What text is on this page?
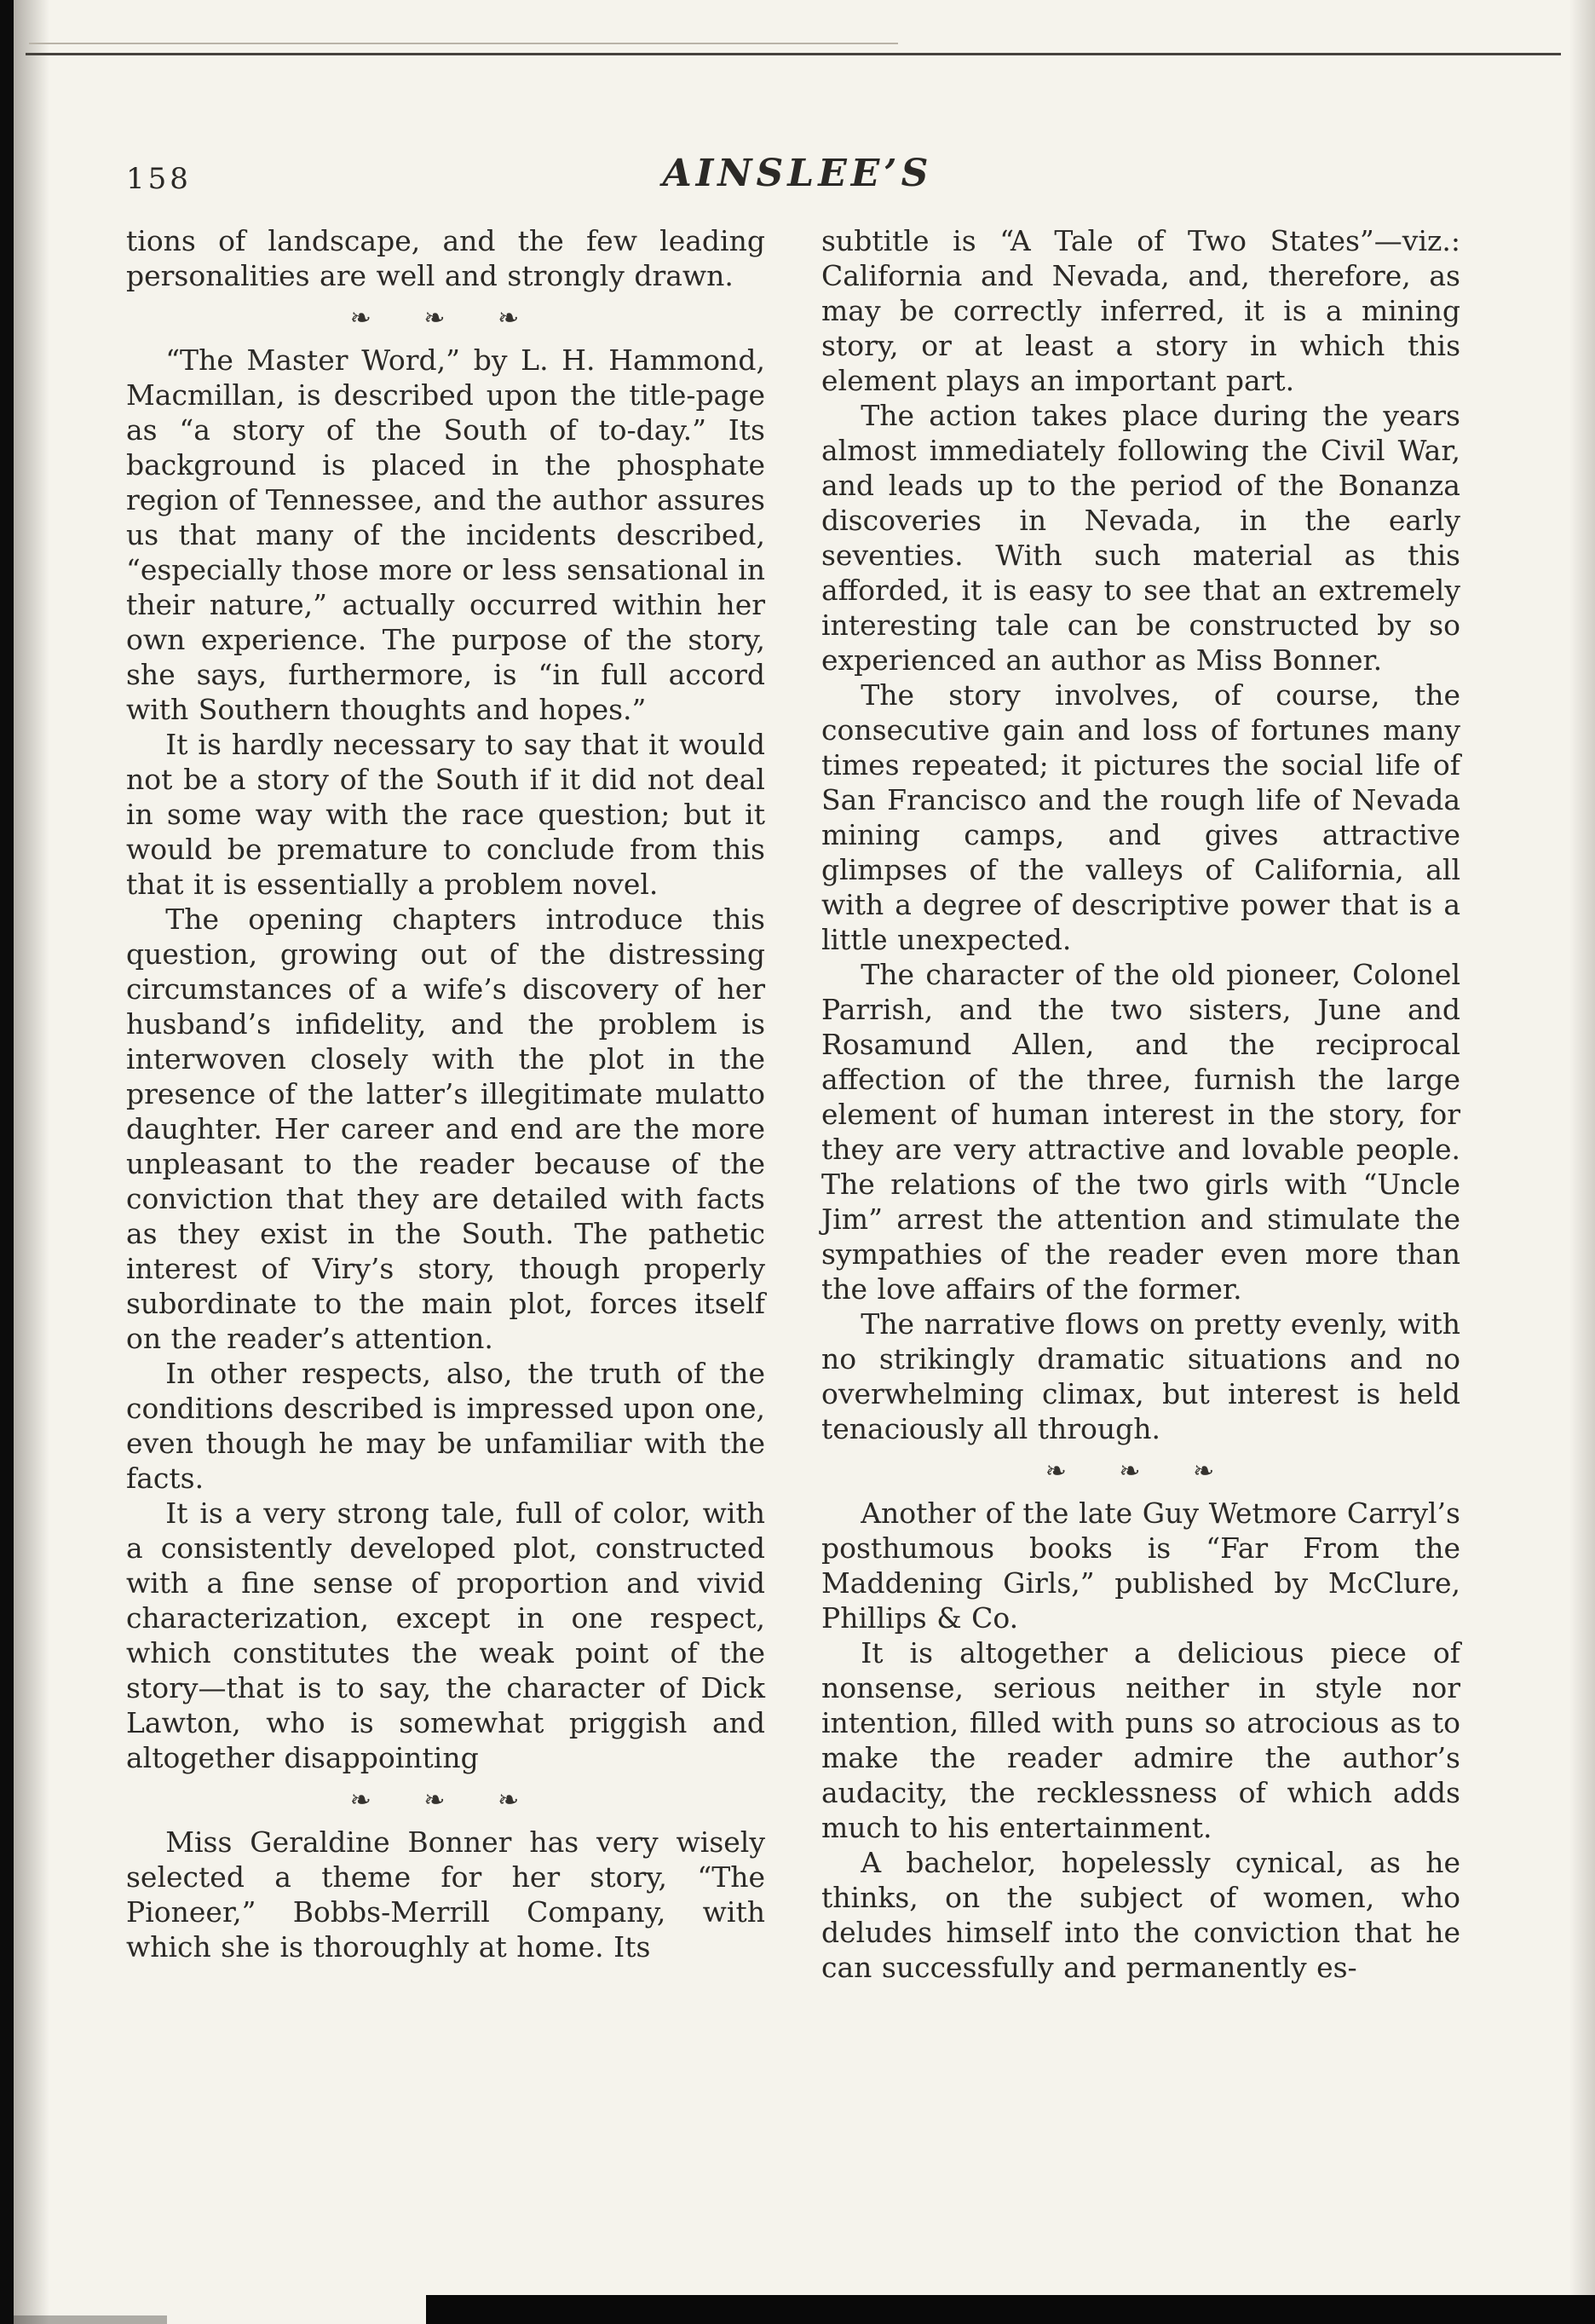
158	AINSLEE’S

tions of landscape, and the few leading personalities are well and strongly drawn.

❧ ❧ ❧

“The Master Word,” by L. H. Hammond, Macmillan, is described upon the title-page as “a story of the South of to-day.” Its background is placed in the phosphate region of Tennessee, and the author assures us that many of the incidents described, “especially those more or less sensational in their nature,” actually occurred within her own experience. The purpose of the story, she says, furthermore, is “in full accord with Southern thoughts and hopes.”

It is hardly necessary to say that it would not be a story of the South if it did not deal in some way with the race question; but it would be premature to conclude from this that it is essentially a problem novel.

The opening chapters introduce this question, growing out of the distressing circumstances of a wife’s discovery of her husband’s infidelity, and the problem is interwoven closely with the plot in the presence of the latter’s illegitimate mulatto daughter. Her career and end are the more unpleasant to the reader because of the conviction that they are detailed with facts as they exist in the South. The pathetic interest of Viry’s story, though properly subordinate to the main plot, forces itself on the reader’s attention.

In other respects, also, the truth of the conditions described is impressed upon one, even though he may be unfamiliar with the facts.

It is a very strong tale, full of color, with a consistently developed plot, constructed with a fine sense of proportion and vivid characterization, except in one respect, which constitutes the weak point of the story—that is to say, the character of Dick Lawton, who is somewhat priggish and altogether disappointing

❧ ❧ ❧

Miss Geraldine Bonner has very wisely selected a theme for her story, “The Pioneer,” Bobbs-Merrill Company, with which she is thoroughly at home. Its

subtitle is “A Tale of Two States”—viz.: California and Nevada, and, therefore, as may be correctly inferred, it is a mining story, or at least a story in which this element plays an important part.

The action takes place during the years almost immediately following the Civil War, and leads up to the period of the Bonanza discoveries in Nevada, in the early seventies. With such material as this afforded, it is easy to see that an extremely interesting tale can be constructed by so experienced an author as Miss Bonner.

The story involves, of course, the consecutive gain and loss of fortunes many times repeated; it pictures the social life of San Francisco and the rough life of Nevada mining camps, and gives attractive glimpses of the valleys of California, all with a degree of descriptive power that is a little unexpected.

The character of the old pioneer, Colonel Parrish, and the two sisters, June and Rosamund Allen, and the reciprocal affection of the three, furnish the large element of human interest in the story, for they are very attractive and lovable people. The relations of the two girls with “Uncle Jim” arrest the attention and stimulate the sympathies of the reader even more than the love affairs of the former.

The narrative flows on pretty evenly, with no strikingly dramatic situations and no overwhelming climax, but interest is held tenaciously all through.

❧ ❧ ❧

Another of the late Guy Wetmore Carryl’s posthumous books is “Far From the Maddening Girls,” published by McClure, Phillips & Co.

It is altogether a delicious piece of nonsense, serious neither in style nor intention, filled with puns so atrocious as to make the reader admire the author’s audacity, the recklessness of which adds much to his entertainment.

A bachelor, hopelessly cynical, as he thinks, on the subject of women, who deludes himself into the conviction that he can successfully and permanently es-
